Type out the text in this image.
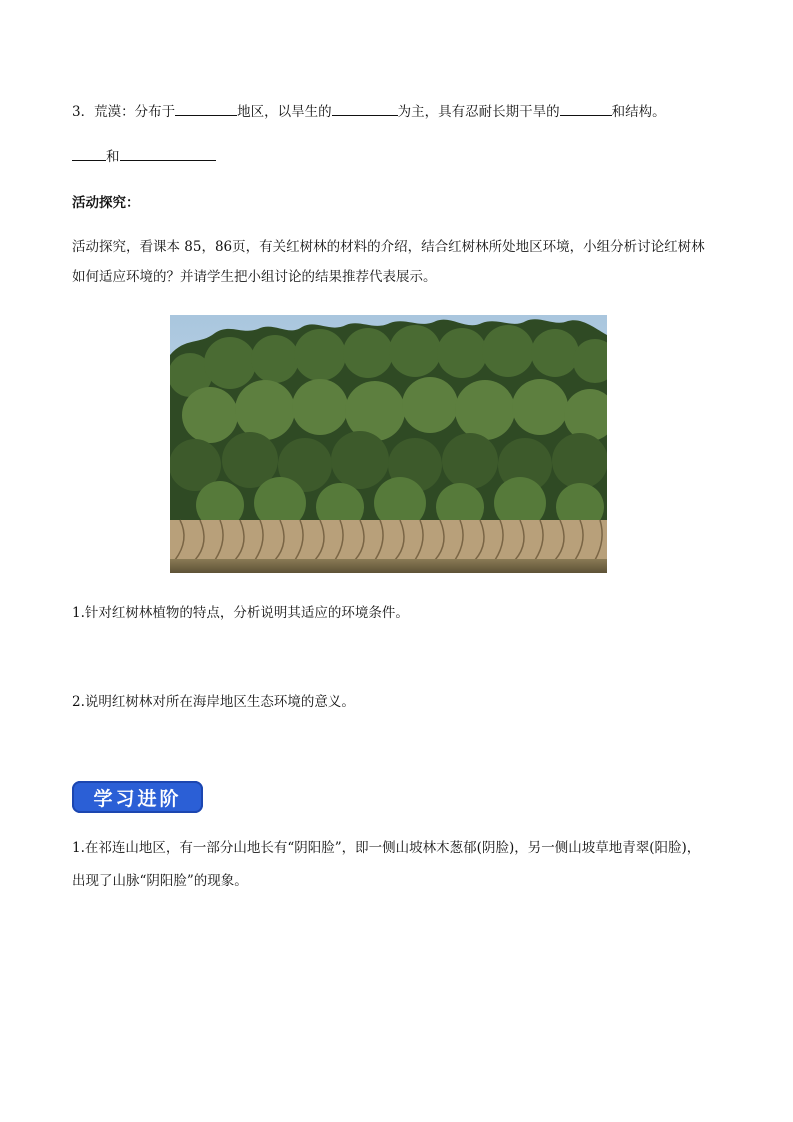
3．荒漠：分布于	地区，以旱生的	为主，具有忍耐长期干旱的	和结构。
和
活动探究：
活动探究，看课本 85，86页，有关红树林的材料的介绍，结合红树林所处地区环境，小组分析讨论红树林
如何适应环境的？并请学生把小组讨论的结果推荐代表展示。
1.针对红树林植物的特点，分析说明其适应的环境条件。
2.说明红树林对所在海岸地区生态环境的意义。
学习进阶
1.在祁连山地区，有一部分山地长有“阴阳脸”，即一侧山坡林木葱郁(阴脸)，另一侧山坡草地青翠(阳脸)，
出现了山脉“阴阳脸”的现象。
